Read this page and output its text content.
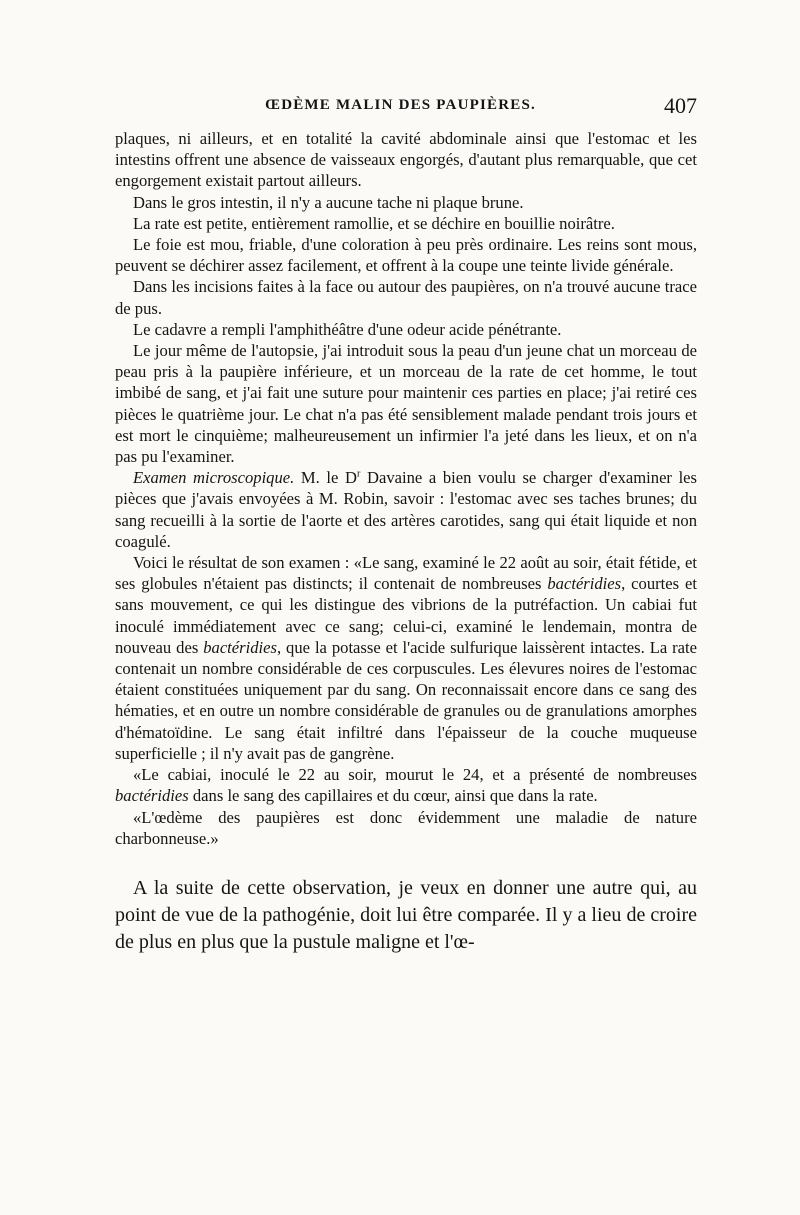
ŒDÈME MALIN DES PAUPIÈRES.	407

plaques, ni ailleurs, et en totalité la cavité abdominale ainsi que l'estomac et les intestins offrent une absence de vaisseaux engorgés, d'autant plus remarquable, que cet engorgement existait partout ailleurs.

Dans le gros intestin, il n'y a aucune tache ni plaque brune.

La rate est petite, entièrement ramollie, et se déchire en bouillie noirâtre.

Le foie est mou, friable, d'une coloration à peu près ordinaire. Les reins sont mous, peuvent se déchirer assez facilement, et offrent à la coupe une teinte livide générale.

Dans les incisions faites à la face ou autour des paupières, on n'a trouvé aucune trace de pus.

Le cadavre a rempli l'amphithéâtre d'une odeur acide pénétrante.

Le jour même de l'autopsie, j'ai introduit sous la peau d'un jeune chat un morceau de peau pris à la paupière inférieure, et un morceau de la rate de cet homme, le tout imbibé de sang, et j'ai fait une suture pour maintenir ces parties en place; j'ai retiré ces pièces le quatrième jour. Le chat n'a pas été sensiblement malade pendant trois jours et est mort le cinquième; malheureusement un infirmier l'a jeté dans les lieux, et on n'a pas pu l'examiner.

Examen microscopique. M. le $D^r$ Davaine a bien voulu se charger d'examiner les pièces que j'avais envoyées à M. Robin, savoir : l'estomac avec ses taches brunes; du sang recueilli à la sortie de l'aorte et des artères carotides, sang qui était liquide et non coagulé.

Voici le résultat de son examen : «Le sang, examiné le 22 août au soir, était fétide, et ses globules n'étaient pas distincts; il contenait de nombreuses bactéridies, courtes et sans mouvement, ce qui les distingue des vibrions de la putréfaction. Un cabiai fut inoculé immédiatement avec ce sang; celui-ci, examiné le lendemain, montra de nouveau des bactéridies, que la potasse et l'acide sulfurique laissèrent intactes. La rate contenait un nombre considérable de ces corpuscules. Les élevures noires de l'estomac étaient constituées uniquement par du sang. On reconnaissait encore dans ce sang des hématies, et en outre un nombre considérable de granules ou de granulations amorphes d'hématoïdine. Le sang était infiltré dans l'épaisseur de la couche muqueuse superficielle ; il n'y avait pas de gangrène.

«Le cabiai, inoculé le 22 au soir, mourut le 24, et a présenté de nombreuses bactéridies dans le sang des capillaires et du cœur, ainsi que dans la rate.

«L'œdème des paupières est donc évidemment une maladie de nature charbonneuse.»

A la suite de cette observation, je veux en donner une autre qui, au point de vue de la pathogénie, doit lui être comparée. Il y a lieu de croire de plus en plus que la pustule maligne et l'œ-
